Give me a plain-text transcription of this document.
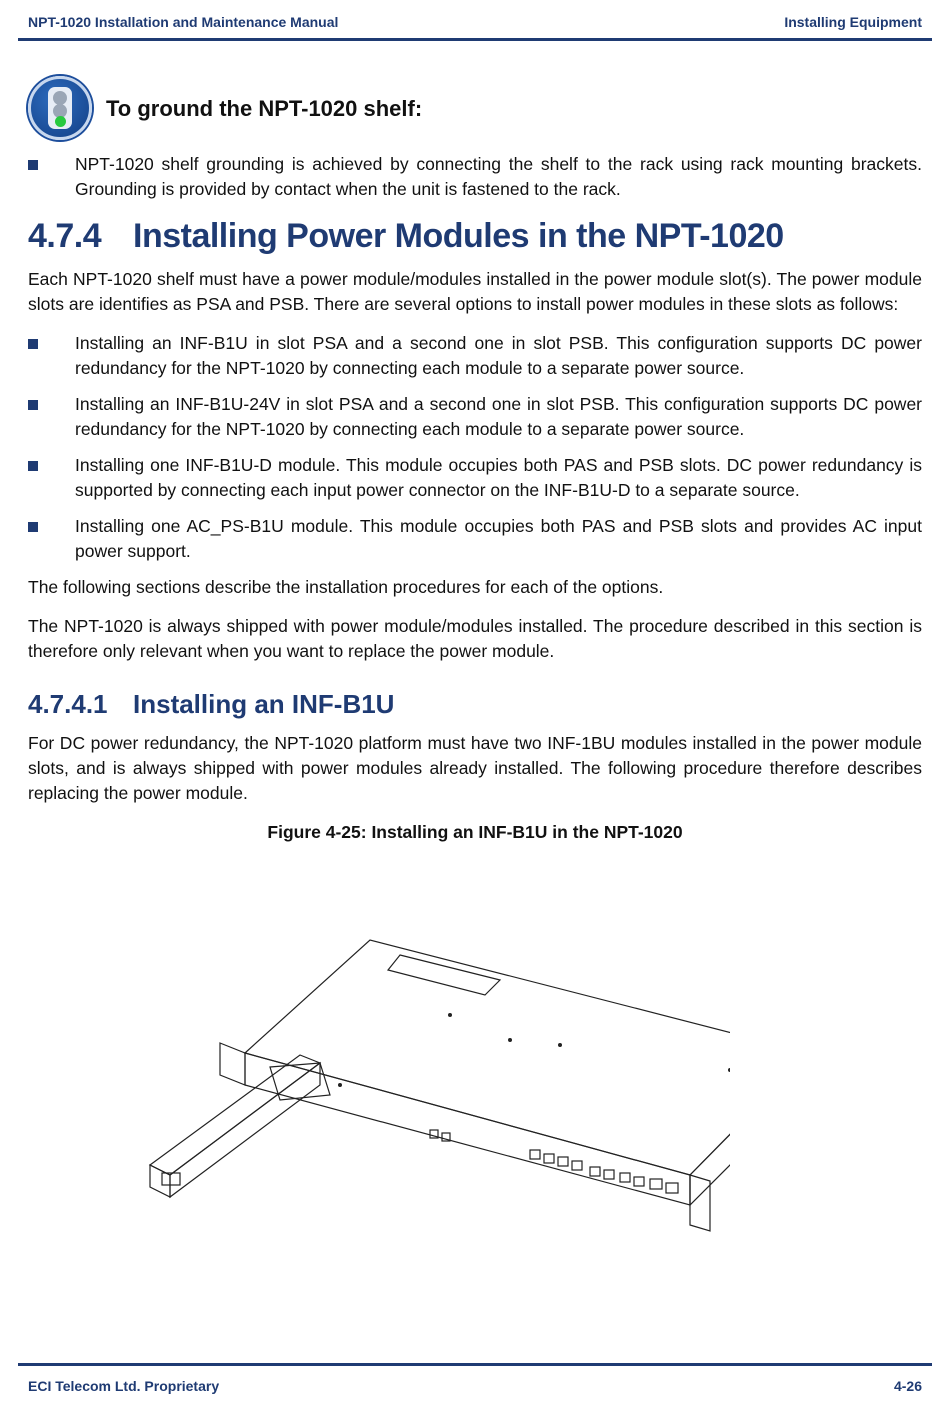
NPT-1020 Installation and Maintenance Manual	Installing Equipment
To ground the NPT-1020 shelf:
NPT-1020 shelf grounding is achieved by connecting the shelf to the rack using rack mounting brackets. Grounding is provided by contact when the unit is fastened to the rack.
4.7.4 Installing Power Modules in the NPT-1020

Each NPT-1020 shelf must have a power module/modules installed in the power module slot(s). The power module slots are identifies as PSA and PSB. There are several options to install power modules in these slots as follows:

Installing an INF-B1U in slot PSA and a second one in slot PSB. This configuration supports DC power redundancy for the NPT-1020 by connecting each module to a separate power source.
Installing an INF-B1U-24V in slot PSA and a second one in slot PSB. This configuration supports DC power redundancy for the NPT-1020 by connecting each module to a separate power source.
Installing one INF-B1U-D module. This module occupies both PAS and PSB slots. DC power redundancy is supported by connecting each input power connector on the INF-B1U-D to a separate source.
Installing one AC_PS-B1U module. This module occupies both PAS and PSB slots and provides AC input power support.

The following sections describe the installation procedures for each of the options.

The NPT-1020 is always shipped with power module/modules installed. The procedure described in this section is therefore only relevant when you want to replace the power module.

4.7.4.1 Installing an INF-B1U

For DC power redundancy, the NPT-1020 platform must have two INF-1BU modules installed in the power module slots, and is always shipped with power modules already installed. The following procedure therefore describes replacing the power module.

Figure 4-25: Installing an INF-B1U in the NPT-1020
ECI Telecom Ltd. Proprietary	4-26
